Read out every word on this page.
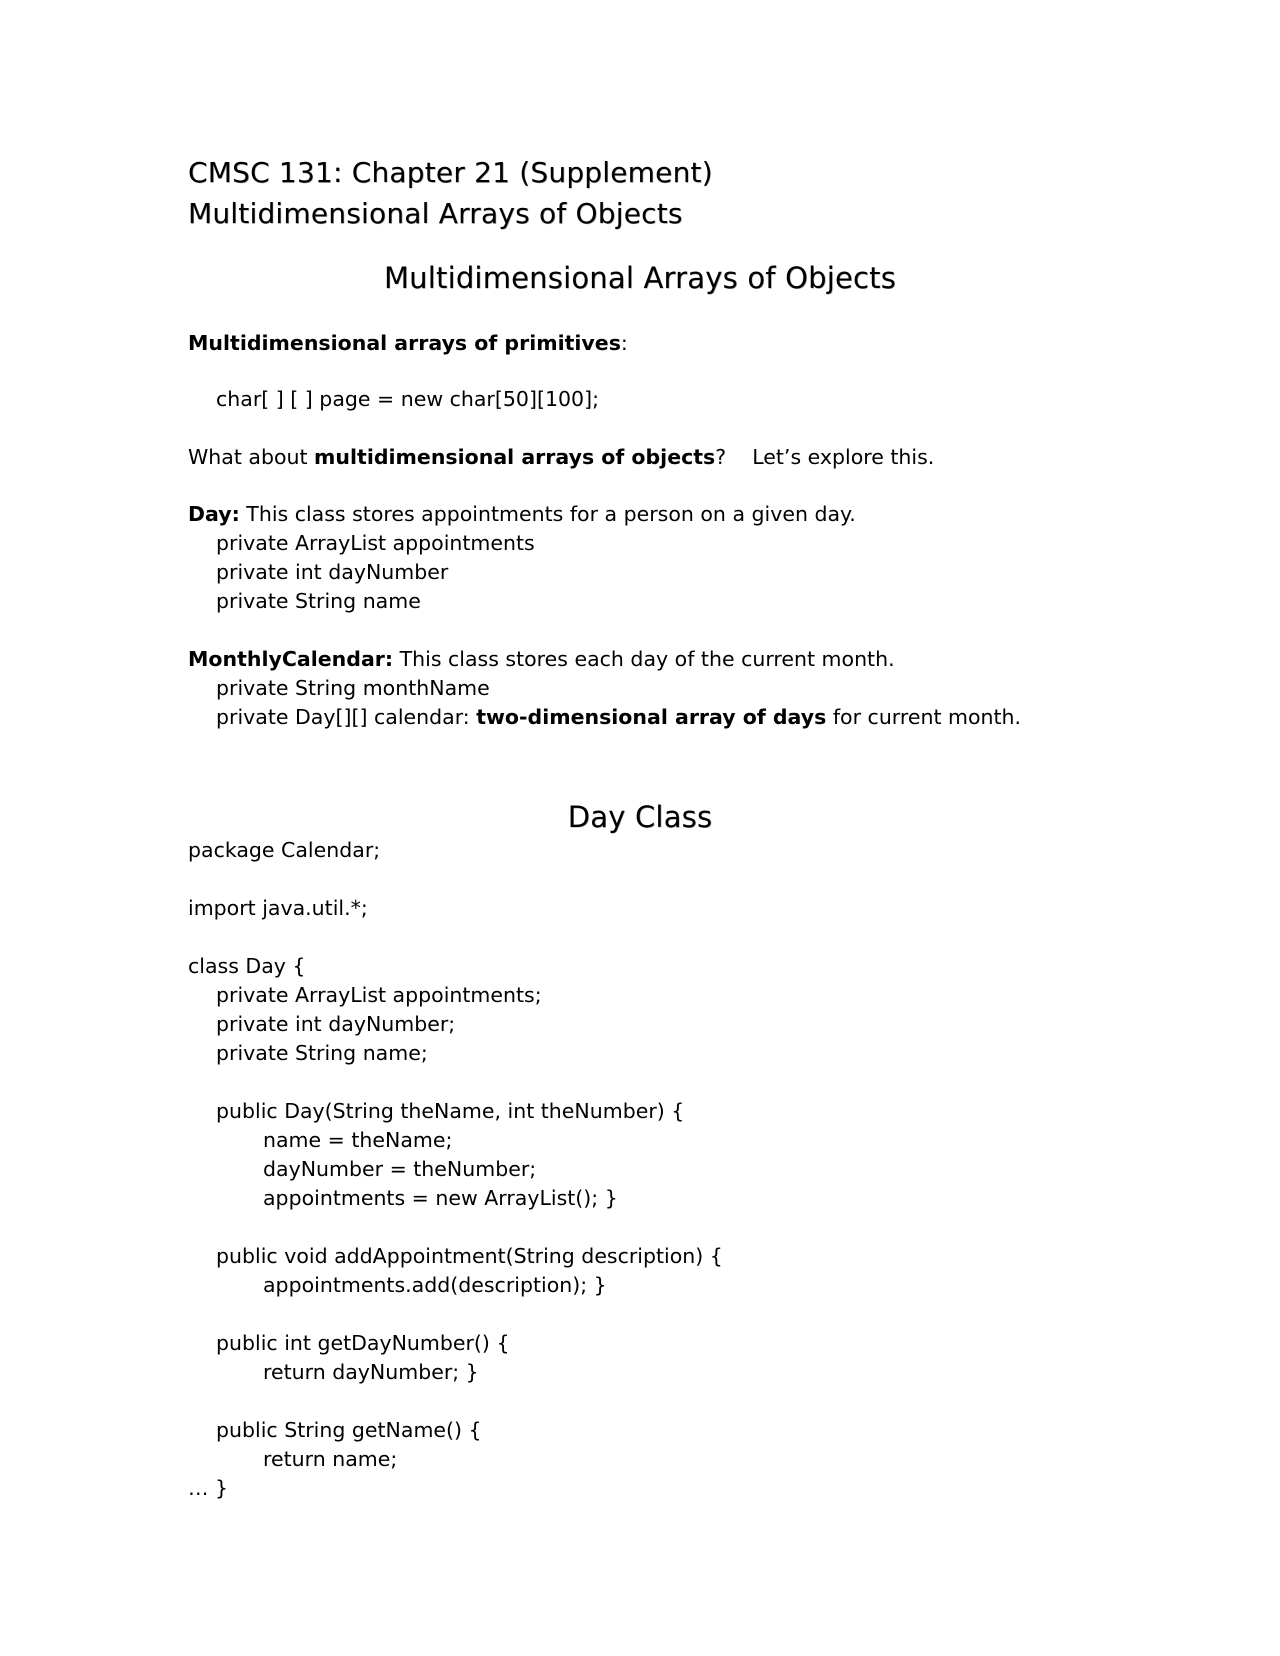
CMSC 131: Chapter 21 (Supplement)
Multidimensional Arrays of Objects
Multidimensional Arrays of Objects
Multidimensional arrays of primitives:
char[ ] [ ] page = new char[50][100];
What about multidimensional arrays of objects?    Let’s explore this.
Day: This class stores appointments for a person on a given day.
private ArrayList appointments
private int dayNumber
private String name
MonthlyCalendar: This class stores each day of the current month.
private String monthName
private Day[][] calendar: two-dimensional array of days for current month.
Day Class
package Calendar;
import java.util.*;
class Day {
private ArrayList appointments;
private int dayNumber;
private String name;
public Day(String theName, int theNumber) {
name = theName;
dayNumber = theNumber;
appointments = new ArrayList(); }
public void addAppointment(String description) {
appointments.add(description); }
public int getDayNumber() {
return dayNumber; }
public String getName() {
return name;
… }
